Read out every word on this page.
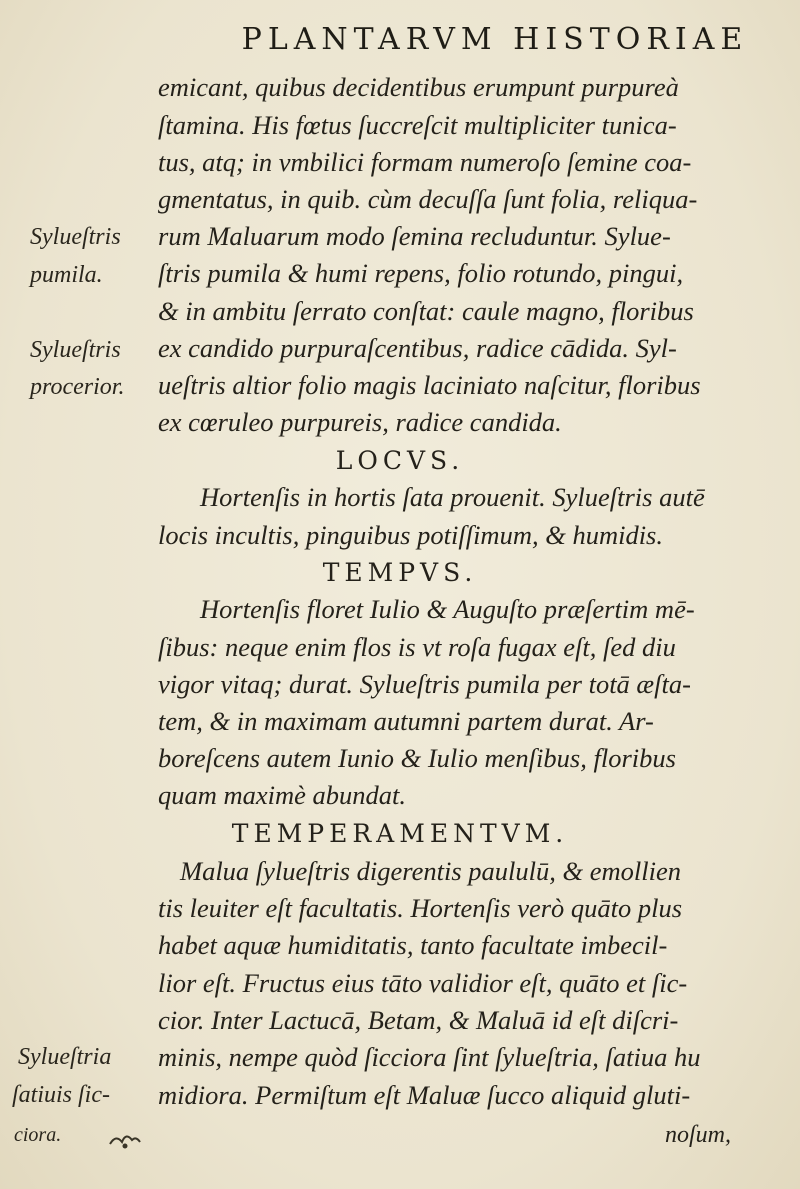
PLANTARVM HISTORIAE
emicant, quibus decidentibus erumpunt purpureà
ſtamina. His fœtus ſuccreſcit multipliciter tunica-
tus, atq; in vmbilici formam numeroſo ſemine coa-
gmentatus, in quib. cùm decuſſa ſunt folia, reliqua-
rum Maluarum modo ſemina recluduntur. Sylue-
ſtris pumila & humi repens, folio rotundo, pingui,
& in ambitu ſerrato conſtat: caule magno, floribus
ex candido purpuraſcentibus, radice cādida. Syl-
ueſtris altior folio magis laciniato naſcitur, floribus
ex cœruleo purpureis, radice candida.
Sylueſtris
pumila.
Sylueſtris
procerior.
LOCVS.
Hortenſis in hortis ſata prouenit. Sylueſtris autē
locis incultis, pinguibus potiſſimum, & humidis.
TEMPVS.
Hortenſis floret Iulio & Auguſto præſertim mē-
ſibus: neque enim flos is vt roſa fugax eſt, ſed diu
vigor vitaq; durat. Sylueſtris pumila per totā æſta-
tem, & in maximam autumni partem durat. Ar-
boreſcens autem Iunio & Iulio menſibus, floribus
quam maximè abundat.
TEMPERAMENTVM.
Malua ſylueſtris digerentis paululū, & emollien
tis leuiter eſt facultatis. Hortenſis verò quāto plus
habet aquæ humiditatis, tanto facultate imbecil-
lior eſt. Fructus eius tāto validior eſt, quāto et ſic-
cior. Inter Lactucā, Betam, & Maluā id eſt diſcri-
minis, nempe quòd ſicciora ſint ſylueſtria, ſatiua hu
midiora. Permiſtum eſt Maluæ ſucco aliquid gluti-
Sylueſtria
ſatiuis ſic-
ciora.	noſum,
